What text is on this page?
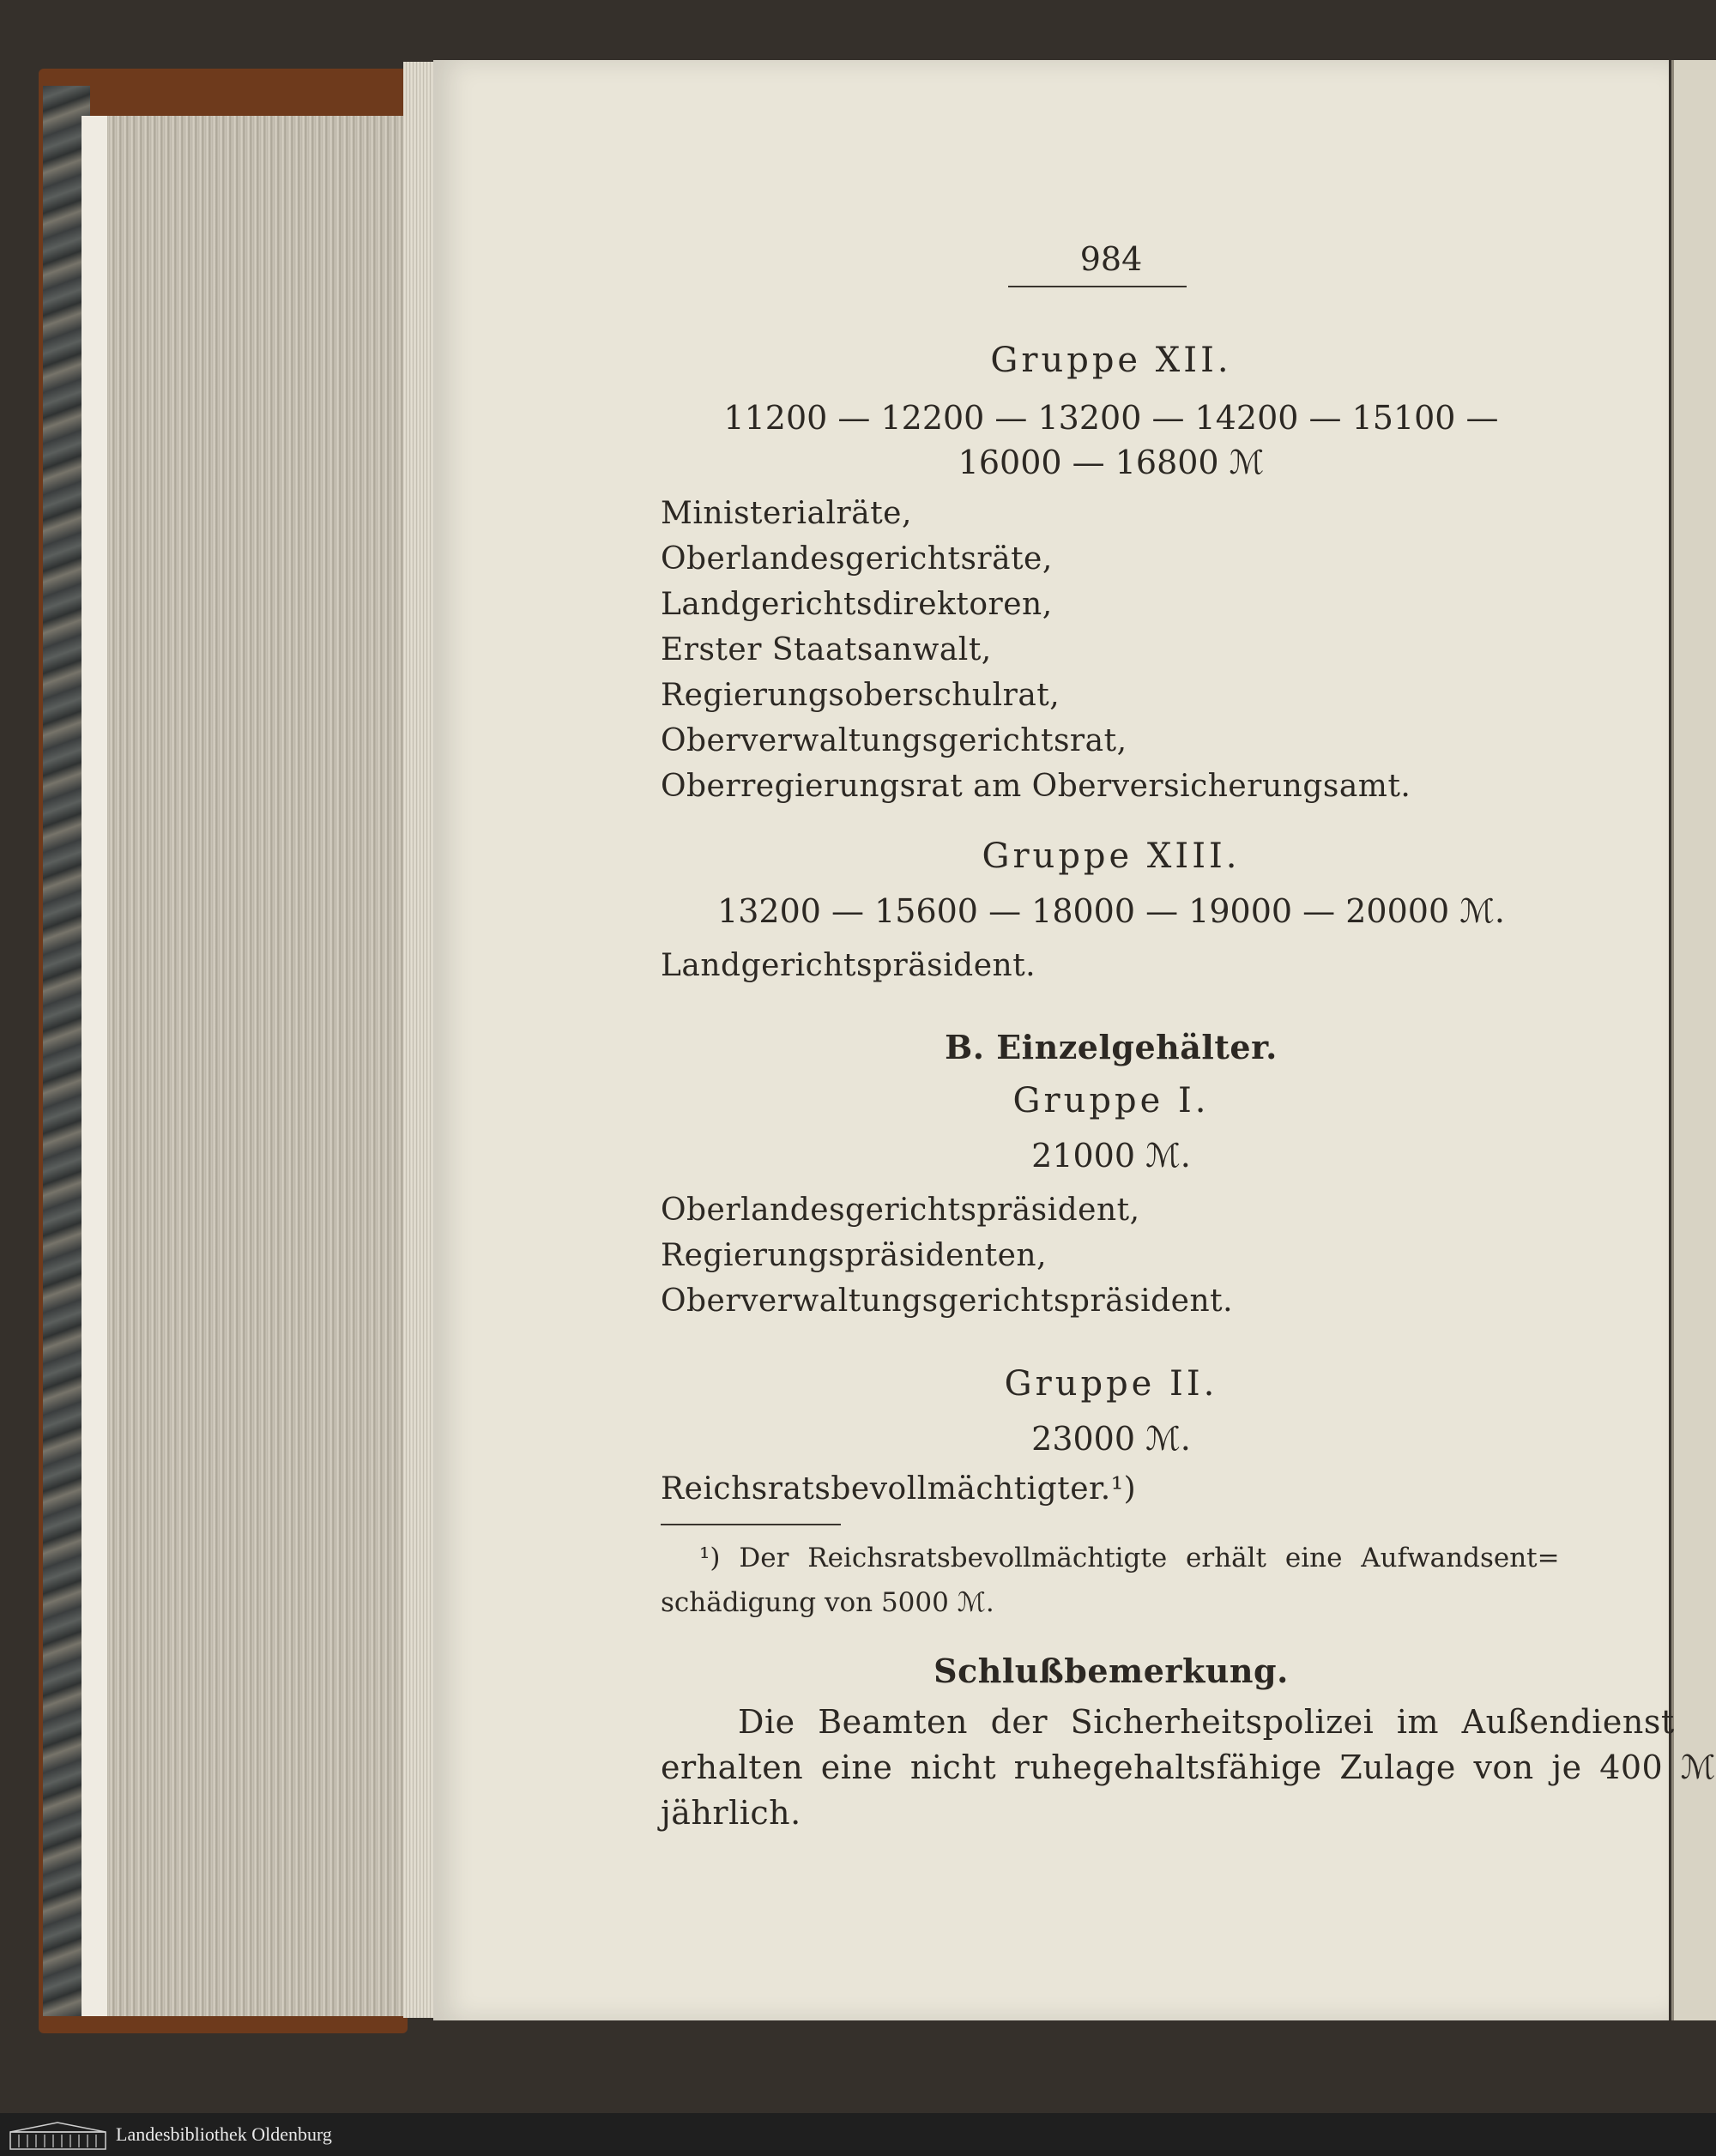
984
Gruppe XII.
11200 — 12200 — 13200 — 14200 — 15100 —
16000 — 16800 ℳ
Ministerialräte,
Oberlandesgerichtsräte,
Landgerichtsdirektoren,
Erster Staatsanwalt,
Regierungsoberschulrat,
Oberverwaltungsgerichtsrat,
Oberregierungsrat am Oberversicherungsamt.
Gruppe XIII.
13200 — 15600 — 18000 — 19000 — 20000 ℳ.
Landgerichtspräsident.
B. Einzelgehälter.
Gruppe I.
21000 ℳ.
Oberlandesgerichtspräsident,
Regierungspräsidenten,
Oberverwaltungsgerichtspräsident.
Gruppe II.
23000 ℳ.
Reichsratsbevollmächtigter.¹)
¹) Der Reichsratsbevollmächtigte erhält eine Aufwandsent=
schädigung von 5000 ℳ.
Schlußbemerkung.
Die Beamten der Sicherheitspolizei im Außendienst
erhalten eine nicht ruhegehaltsfähige Zulage von je 400 ℳ
jährlich.
Landesbibliothek Oldenburg
